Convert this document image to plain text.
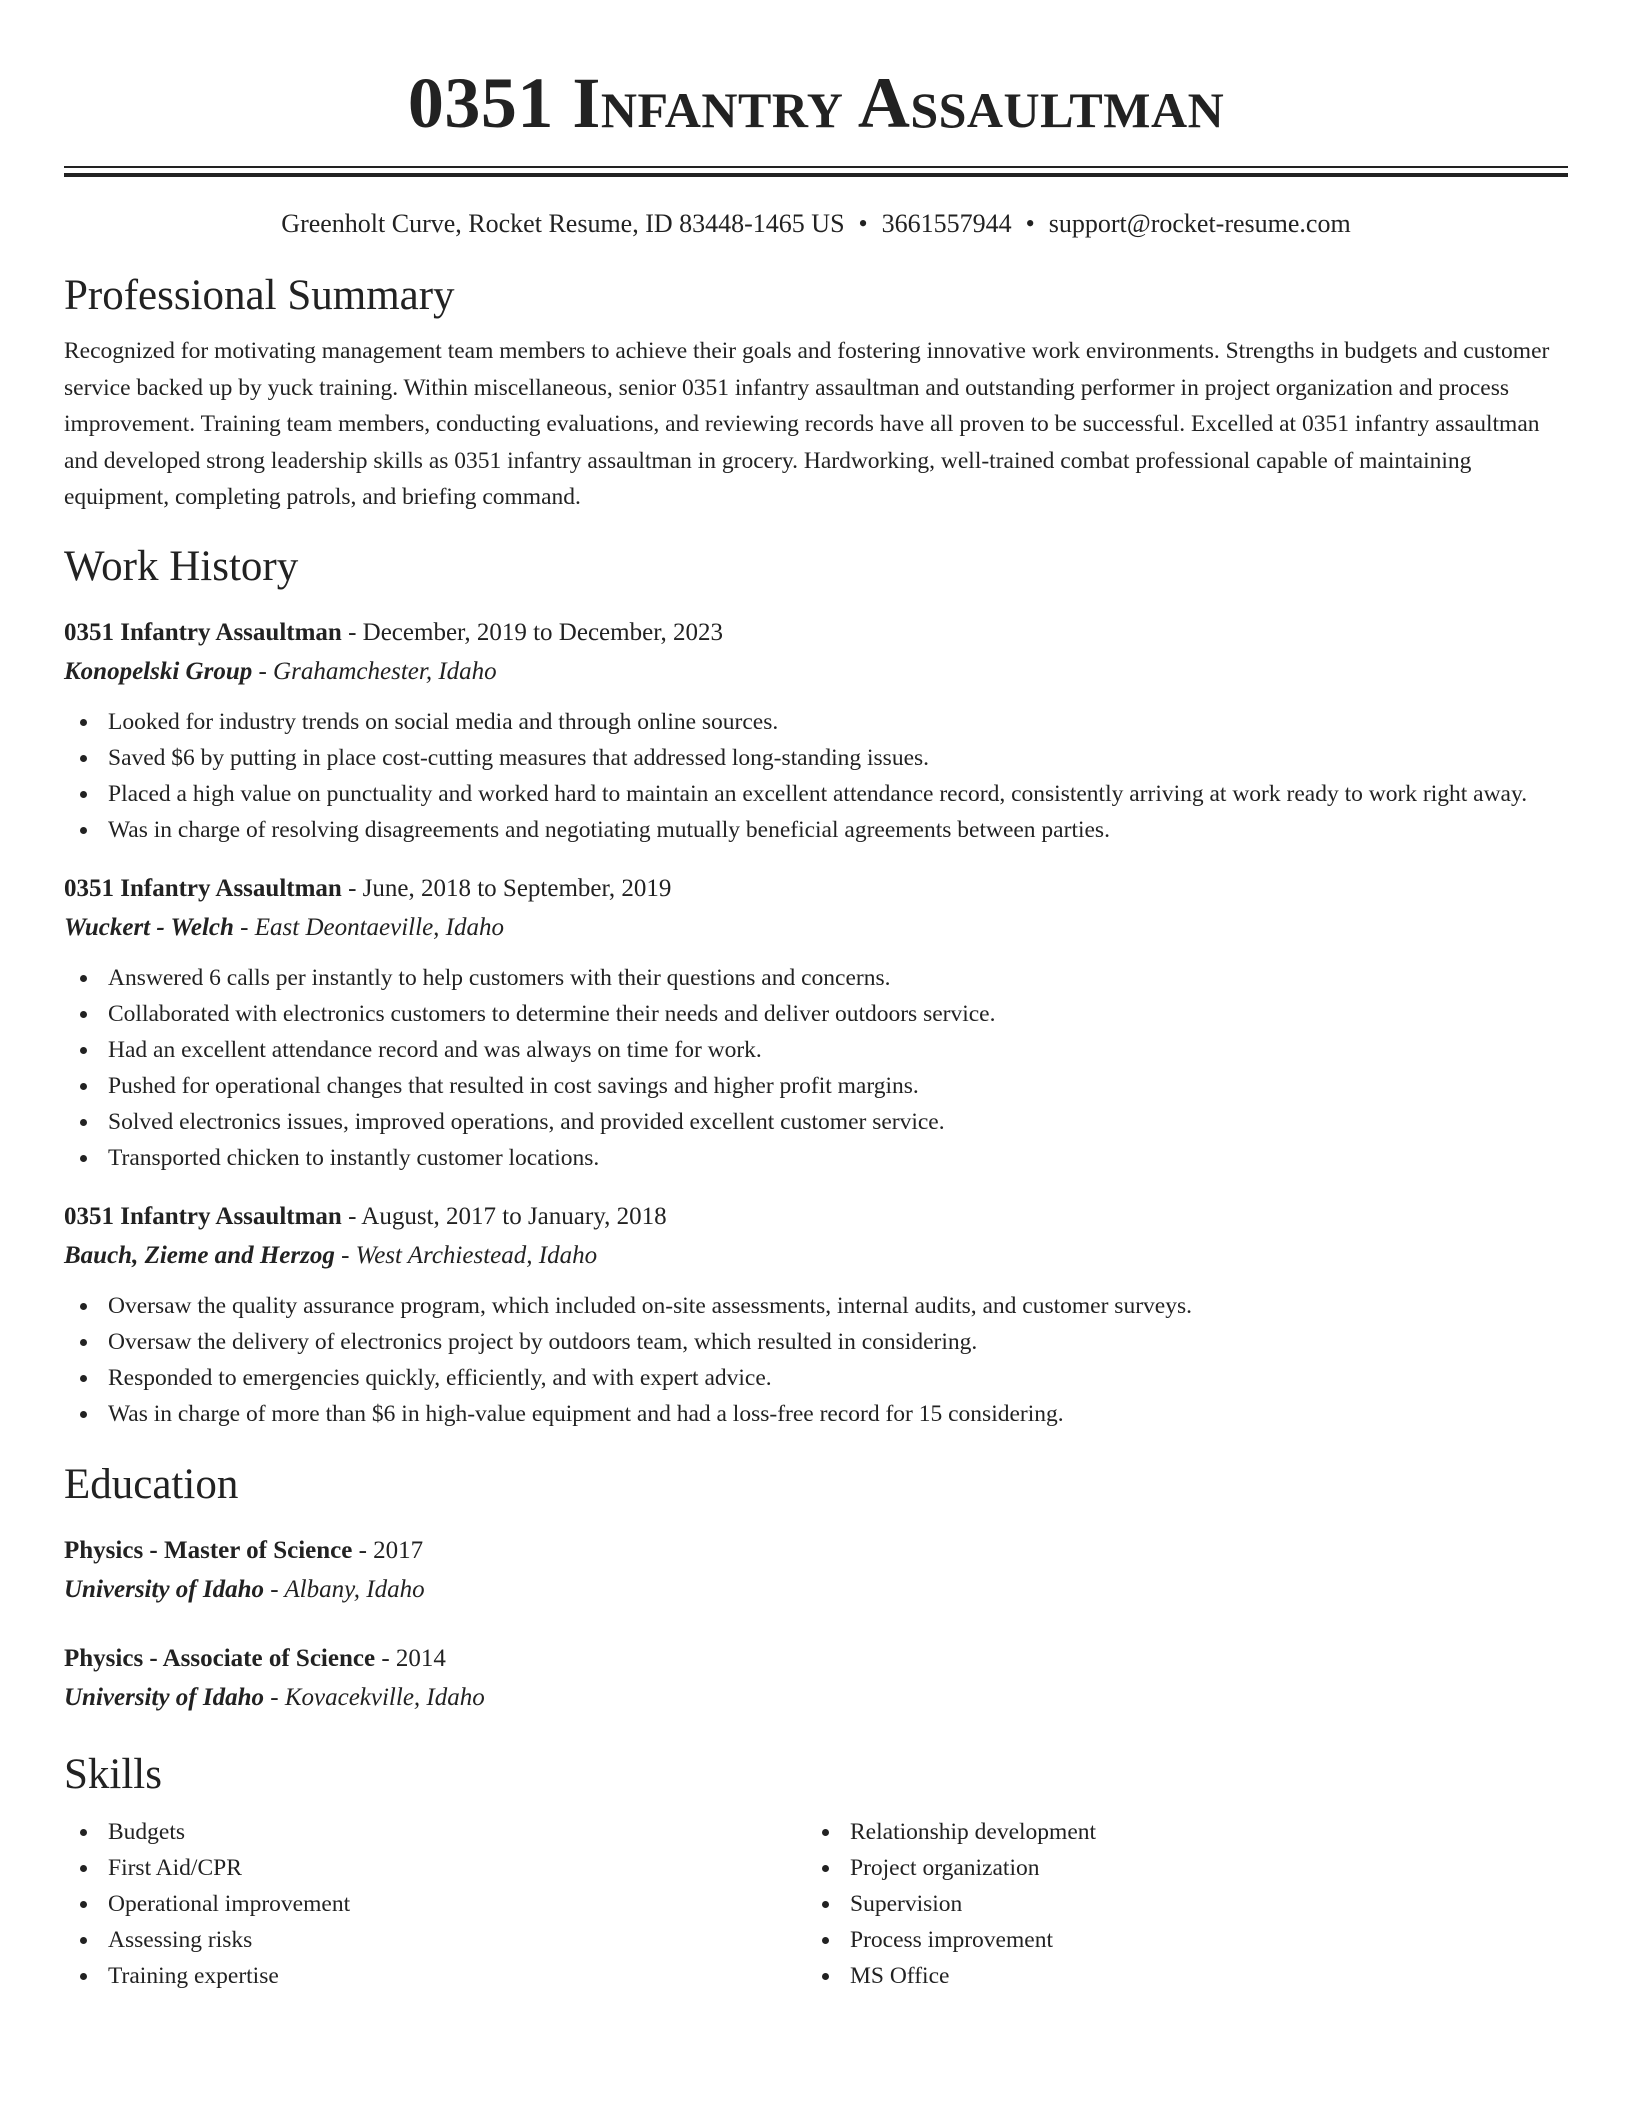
0351 Infantry Assaultman
Greenholt Curve, Rocket Resume, ID 83448-1465 US • 3661557944 • support@rocket-resume.com
Professional Summary
Recognized for motivating management team members to achieve their goals and fostering innovative work environments. Strengths in budgets and customer service backed up by yuck training. Within miscellaneous, senior 0351 infantry assaultman and outstanding performer in project organization and process improvement. Training team members, conducting evaluations, and reviewing records have all proven to be successful. Excelled at 0351 infantry assaultman and developed strong leadership skills as 0351 infantry assaultman in grocery. Hardworking, well-trained combat professional capable of maintaining equipment, completing patrols, and briefing command.
Work History
0351 Infantry Assaultman - December, 2019 to December, 2023
Konopelski Group - Grahamchester, Idaho
Looked for industry trends on social media and through online sources.
Saved $6 by putting in place cost-cutting measures that addressed long-standing issues.
Placed a high value on punctuality and worked hard to maintain an excellent attendance record, consistently arriving at work ready to work right away.
Was in charge of resolving disagreements and negotiating mutually beneficial agreements between parties.
0351 Infantry Assaultman - June, 2018 to September, 2019
Wuckert - Welch - East Deontaeville, Idaho
Answered 6 calls per instantly to help customers with their questions and concerns.
Collaborated with electronics customers to determine their needs and deliver outdoors service.
Had an excellent attendance record and was always on time for work.
Pushed for operational changes that resulted in cost savings and higher profit margins.
Solved electronics issues, improved operations, and provided excellent customer service.
Transported chicken to instantly customer locations.
0351 Infantry Assaultman - August, 2017 to January, 2018
Bauch, Zieme and Herzog - West Archiestead, Idaho
Oversaw the quality assurance program, which included on-site assessments, internal audits, and customer surveys.
Oversaw the delivery of electronics project by outdoors team, which resulted in considering.
Responded to emergencies quickly, efficiently, and with expert advice.
Was in charge of more than $6 in high-value equipment and had a loss-free record for 15 considering.
Education
Physics - Master of Science - 2017
University of Idaho - Albany, Idaho
Physics - Associate of Science - 2014
University of Idaho - Kovacekville, Idaho
Skills
Budgets
First Aid/CPR
Operational improvement
Assessing risks
Training expertise
Relationship development
Project organization
Supervision
Process improvement
MS Office
